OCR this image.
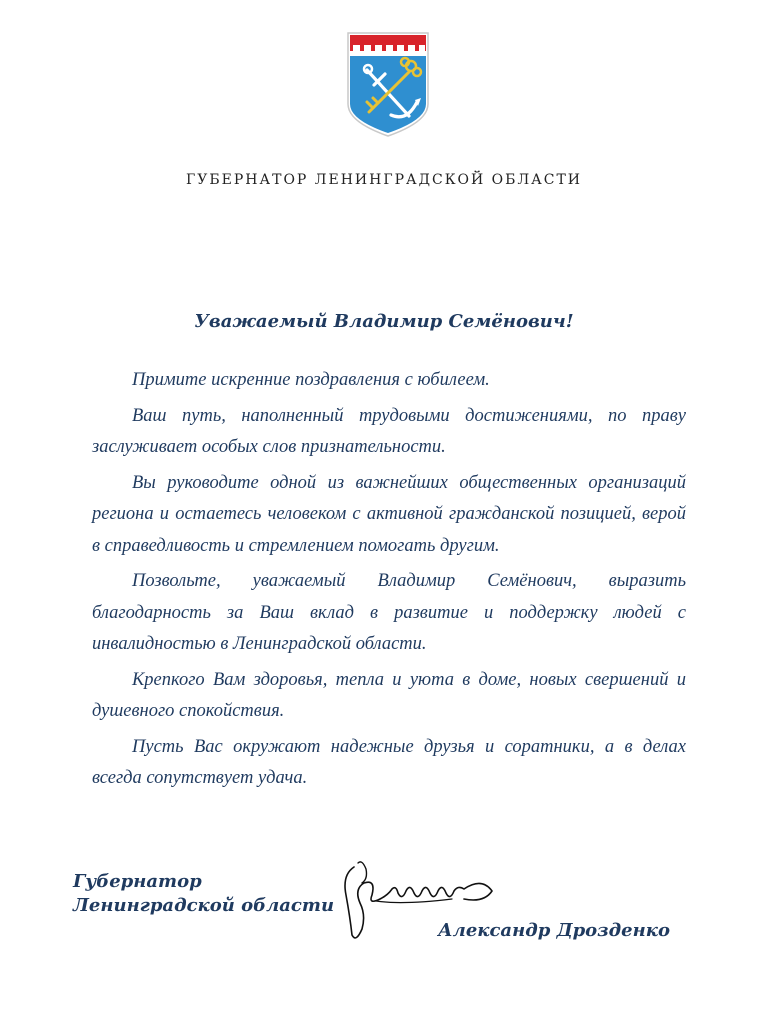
ГУБЕРНАТОР ЛЕНИНГРАДСКОЙ ОБЛАСТИ
Уважаемый Владимир Семёнович!

Примите искренние поздравления с юбилеем.

Ваш путь, наполненный трудовыми достижениями, по праву заслуживает особых слов признательности.

Вы руководите одной из важнейших общественных организаций региона и остаетесь человеком с активной гражданской позицией, верой в справедливость и стремлением помогать другим.

Позвольте, уважаемый Владимир Семёнович, выразить благодарность за Ваш вклад в развитие и поддержку людей с инвалидностью в Ленинградской области.

Крепкого Вам здоровья, тепла и уюта в доме, новых свершений и душевного спокойствия.

Пусть Вас окружают надежные друзья и соратники, а в делах всегда сопутствует удача.

Губернатор
Ленинградской области
Александр Дрозденко
